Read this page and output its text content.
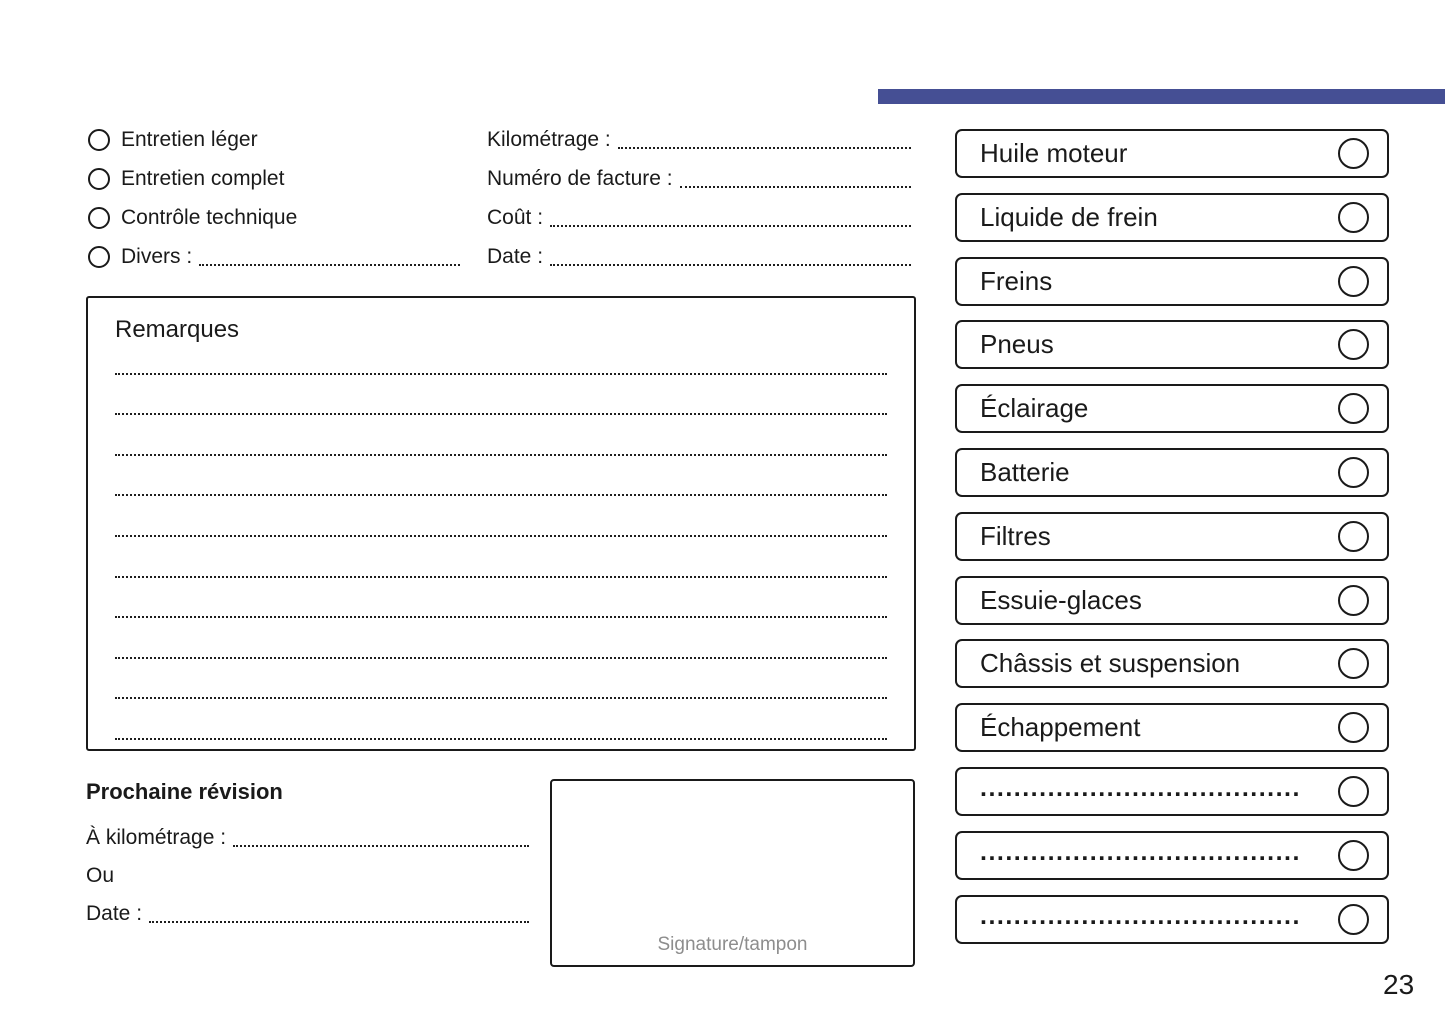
Entretien léger
Entretien complet
Contrôle technique
Divers :
Kilométrage :
Numéro de facture :
Coût :
Date :
Remarques
Prochaine révision
À kilométrage :
Ou
Date :
Signature/tampon
Huile moteur
Liquide de frein
Freins
Pneus
Éclairage
Batterie
Filtres
Essuie-glaces
Châssis et suspension
Échappement
......................................
......................................
......................................
23
